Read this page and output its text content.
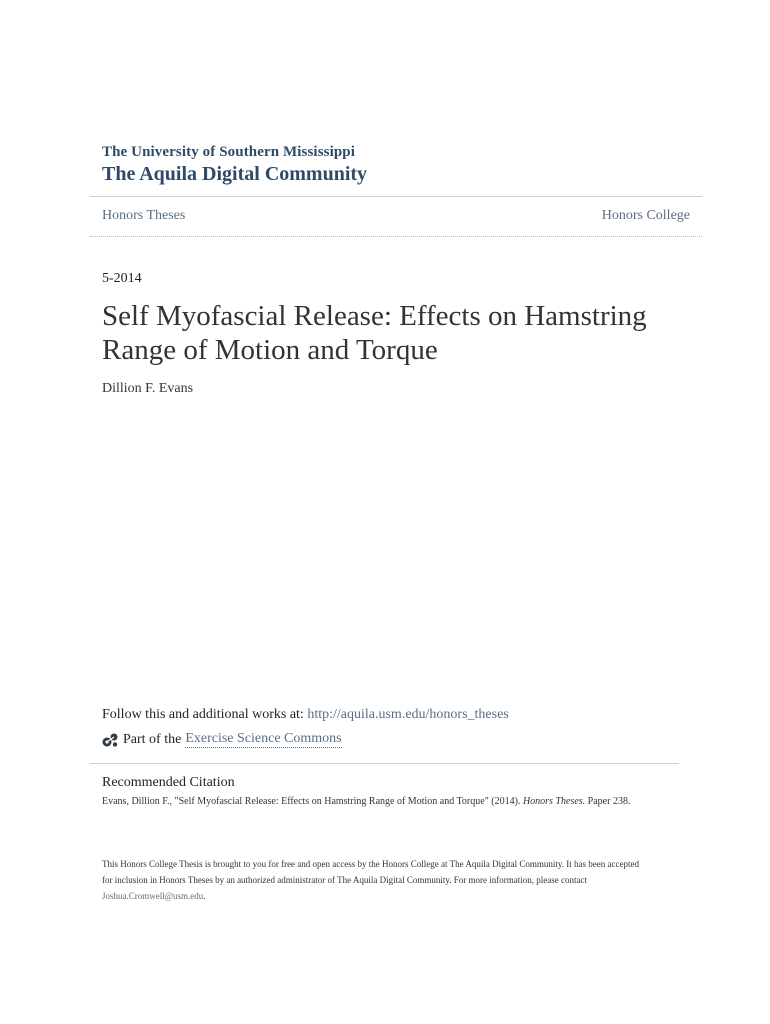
The University of Southern Mississippi
The Aquila Digital Community
Honors Theses	Honors College
5-2014
Self Myofascial Release: Effects on Hamstring
Range of Motion and Torque
Dillion F. Evans
Follow this and additional works at: http://aquila.usm.edu/honors_theses
Part of the Exercise Science Commons
Recommended Citation
Evans, Dillion F., "Self Myofascial Release: Effects on Hamstring Range of Motion and Torque" (2014). Honors Theses. Paper 238.
This Honors College Thesis is brought to you for free and open access by the Honors College at The Aquila Digital Community. It has been accepted
for inclusion in Honors Theses by an authorized administrator of The Aquila Digital Community. For more information, please contact
Joshua.Cromwell@usm.edu.
